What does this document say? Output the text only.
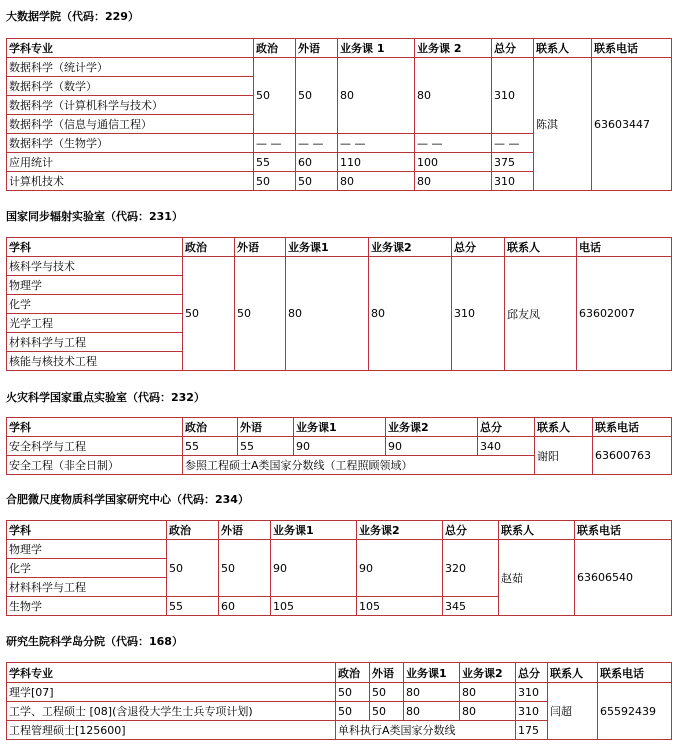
大数据学院（代码：229）
学科专业	政治	外语	业务课 1	业务课 2	总分	联系人	联系电话
数据科学（统计学）	50	50	80	80	310	陈淇	63603447
数据科学（数学）							
数据科学（计算机科学与技术）							
数据科学（信息与通信工程）							
数据科学（生物学）	— —	— —	— —	— —	— —		
应用统计	55	60	110	100	375		
计算机技术	50	50	80	80	310		
国家同步辐射实验室（代码：231）
学科	政治	外语	业务课1	业务课2	总分	联系人	电话
核科学与技术	50	50	80	80	310	邱友凤	63602007
物理学							
化学							
光学工程							
材料科学与工程							
核能与核技术工程							
火灾科学国家重点实验室（代码：232）
学科	政治	外语	业务课1	业务课2	总分	联系人	联系电话
安全科学与工程	55	55	90	90	340	谢阳	63600763
安全工程（非全日制）	参照工程硕士A类国家分数线（工程照顾领域）						
合肥微尺度物质科学国家研究中心（代码：234）
学科	政治	外语	业务课1	业务课2	总分	联系人	联系电话
物理学	50	50	90	90	320	赵茹	63606540
化学							
材料科学与工程							
生物学	55	60	105	105	345		
研究生院科学岛分院（代码：168）
学科专业	政治	外语	业务课1	业务课2	总分	联系人	联系电话
理学[07]	50	50	80	80	310	闫超	65592439
工学、工程硕士 [08](含退役大学生士兵专项计划)	50	50	80	80	310		
工程管理硕士[125600]	单科执行A类国家分数线				175		
